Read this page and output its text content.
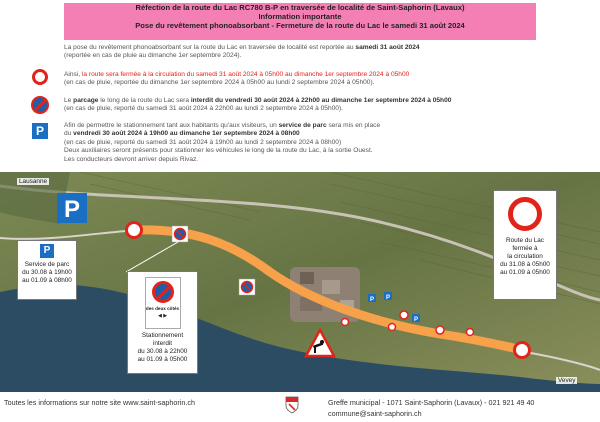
Réfection de la route du Lac RC780 B-P en traversée de localité de Saint-Saphorin (Lavaux)
Information importante
Pose du revêtement phonoabsorbant - Fermeture de la route du Lac le samedi 31 août 2024
La pose du revêtement phonoabsorbant sur la route du Lac en traversée de localité est reportée au samedi 31 août 2024
(reportée en cas de pluie au dimanche 1er septembre 2024).
Ainsi, la route sera fermée à la circulation du samedi 31 août 2024 à 05h00 au dimanche 1er septembre 2024 à 05h00
(en cas de pluie, reportée du dimanche 1er septembre 2024 à 05h00 au lundi 2 septembre 2024 à 05h00).
Le parcage le long de la route du Lac sera interdit du vendredi 30 août 2024 à 22h00 au dimanche 1er septembre 2024 à 05h00
(en cas de pluie, reporté du samedi 31 août 2024 à 22h00 au lundi 2 septembre 2024 à 05h00).
P	Afin de permettre le stationnement tant aux habitants qu'aux visiteurs, un service de parc sera mis en place
du vendredi 30 août 2024 à 19h00 au dimanche 1er septembre 2024 à 08h00
(en cas de pluie, reporté du samedi 31 août 2024 à 19h00 au lundi 2 septembre 2024 à 08h00)
Deux auxiliaires seront présents pour stationner les véhicules le long de la route du Lac, à la sortie Ouest.
Les conducteurs devront arriver depuis Rivaz.
P P
P
P
Lausanne
Vevey
P
Service de parc
du 30.08 à 19h00
au 01.09 à 08h00
des deux côtés
◀ ▶
Stationnement
interdit
du 30.08 à 22h00
au 01.09 à 05h00
Route du Lac
fermée à
la circulation
du 31.08 à 05h00
au 01.09 à 05h00
Toutes les informations sur notre site www.saint-saphorin.ch	Greffe municipal - 1071 Saint-Saphorin (Lavaux) - 021 921 49 40
commune@saint-saphorin.ch
